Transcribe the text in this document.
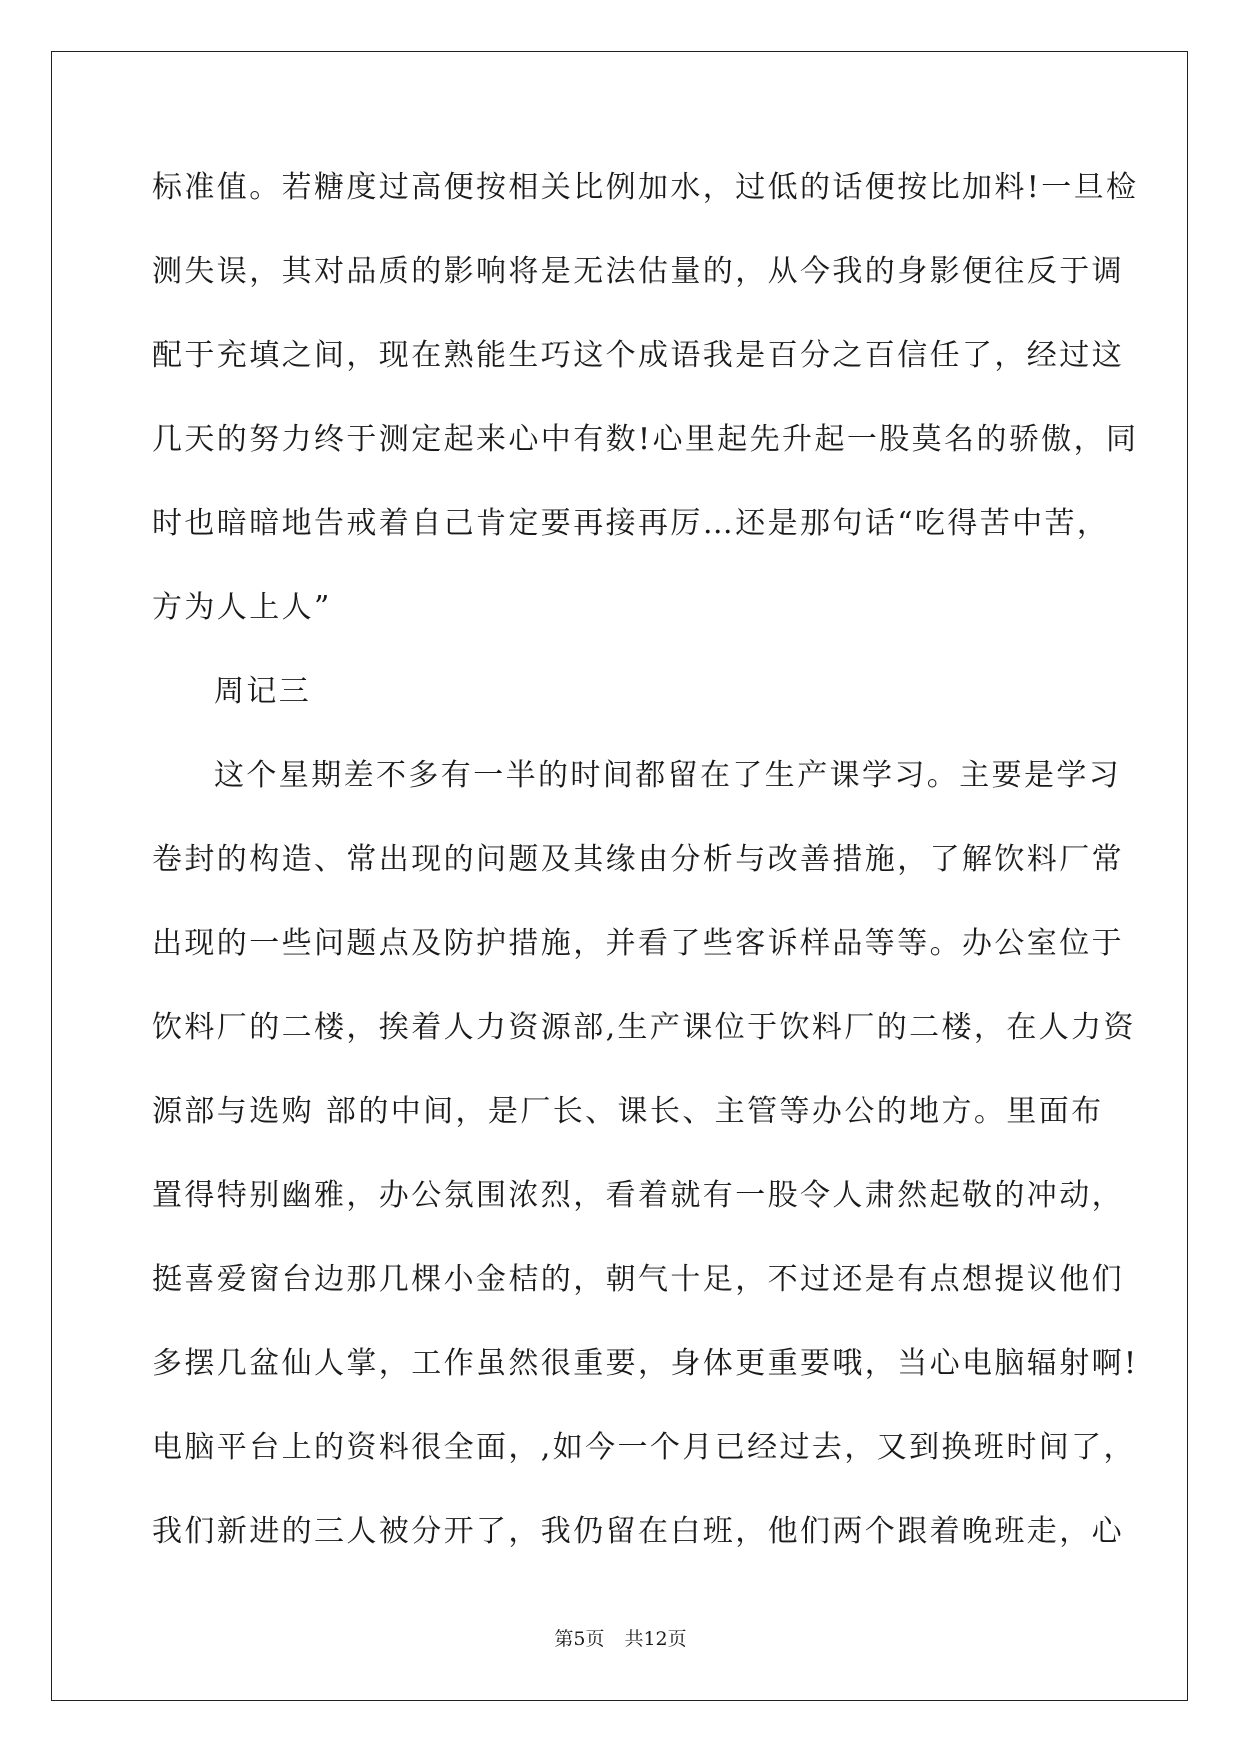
标准值。若糖度过高便按相关比例加水，过低的话便按比加料!一旦检
测失误，其对品质的影响将是无法估量的，从今我的身影便往反于调
配于充填之间，现在熟能生巧这个成语我是百分之百信任了，经过这
几天的努力终于测定起来心中有数!心里起先升起一股莫名的骄傲，同
时也暗暗地告戒着自己肯定要再接再厉…还是那句话“吃得苦中苦，
方为人上人”
周记三
这个星期差不多有一半的时间都留在了生产课学习。主要是学习
卷封的构造、常出现的问题及其缘由分析与改善措施，了解饮料厂常
出现的一些问题点及防护措施，并看了些客诉样品等等。办公室位于
饮料厂的二楼，挨着人力资源部,生产课位于饮料厂的二楼，在人力资
源部与选购 部的中间，是厂长、课长、主管等办公的地方。里面布
置得特别幽雅，办公氛围浓烈，看着就有一股令人肃然起敬的冲动，
挺喜爱窗台边那几棵小金桔的，朝气十足，不过还是有点想提议他们
多摆几盆仙人掌，工作虽然很重要，身体更重要哦，当心电脑辐射啊!
电脑平台上的资料很全面，,如今一个月已经过去，又到换班时间了，
我们新进的三人被分开了，我仍留在白班，他们两个跟着晚班走，心
第5页 共12页
